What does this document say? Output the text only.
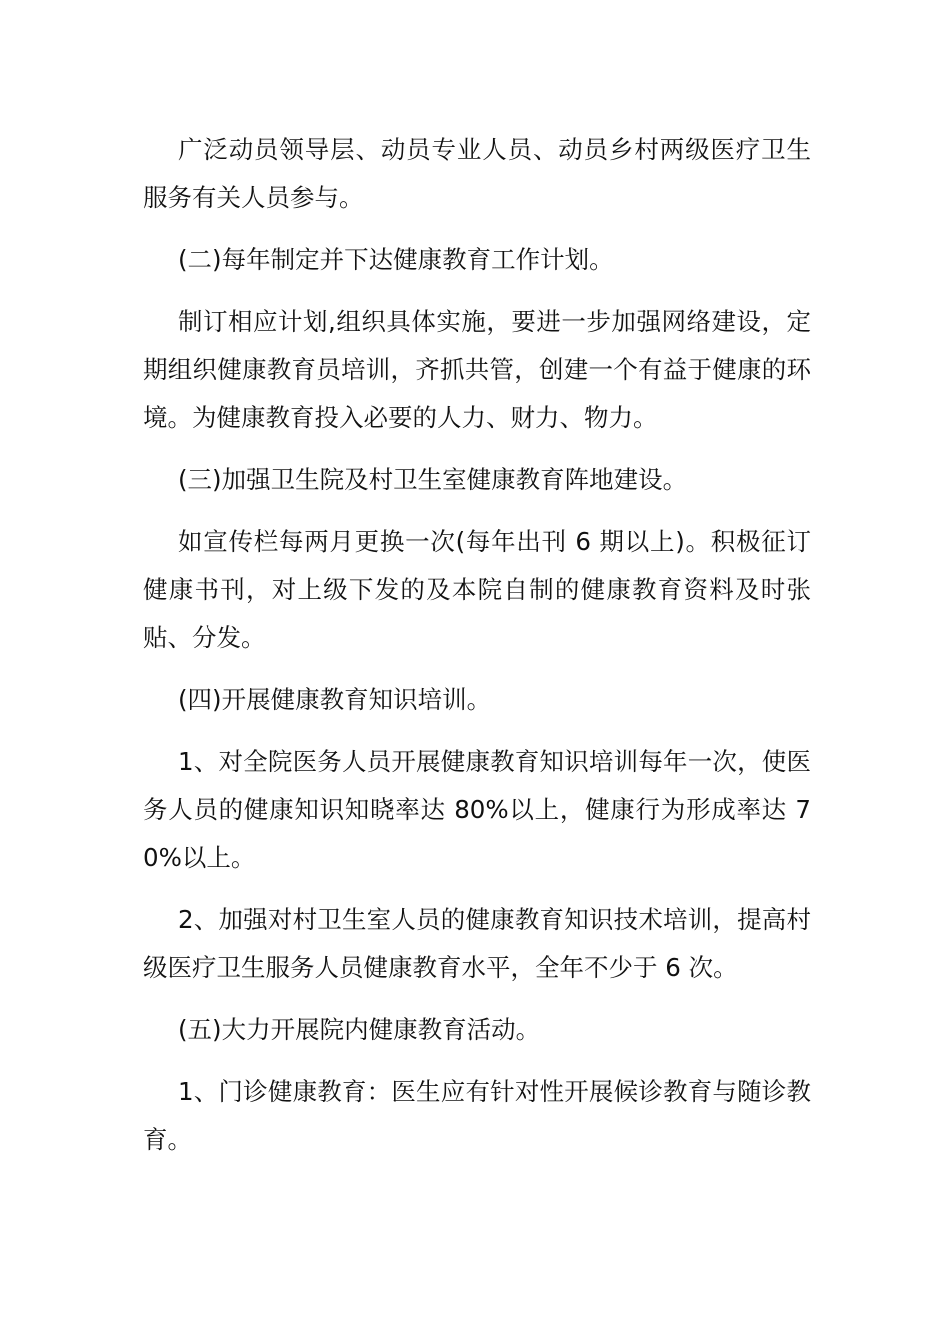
广泛动员领导层、动员专业人员、动员乡村两级医疗卫生服务有关人员参与。

(二)每年制定并下达健康教育工作计划。

制订相应计划,组织具体实施，要进一步加强网络建设，定期组织健康教育员培训，齐抓共管，创建一个有益于健康的环境。为健康教育投入必要的人力、财力、物力。

(三)加强卫生院及村卫生室健康教育阵地建设。

如宣传栏每两月更换一次(每年出刊 6 期以上)。积极征订健康书刊，对上级下发的及本院自制的健康教育资料及时张贴、分发。

(四)开展健康教育知识培训。

1、对全院医务人员开展健康教育知识培训每年一次，使医务人员的健康知识知晓率达 80%以上，健康行为形成率达 70%以上。

2、加强对村卫生室人员的健康教育知识技术培训，提高村级医疗卫生服务人员健康教育水平，全年不少于 6 次。

(五)大力开展院内健康教育活动。

1、门诊健康教育：医生应有针对性开展候诊教育与随诊教育。
